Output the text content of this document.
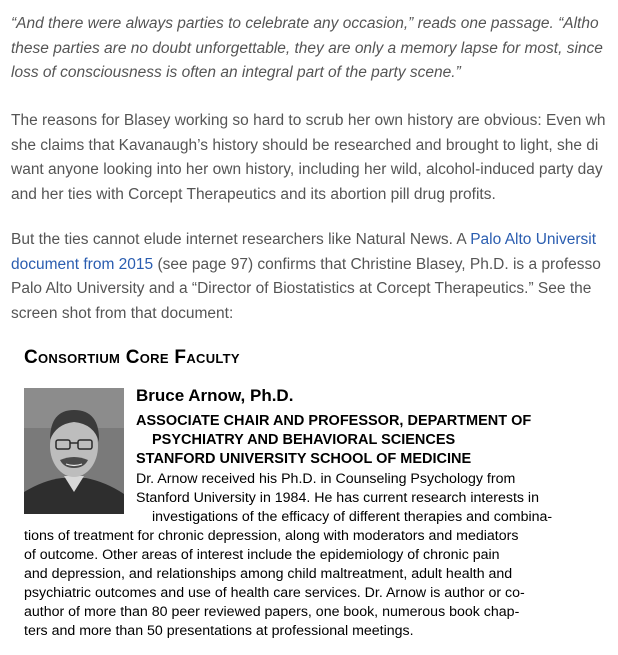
“And there were always parties to celebrate any occasion,” reads one passage. “Altho
these parties are no doubt unforgettable, they are only a memory lapse for most, since
loss of consciousness is often an integral part of the party scene.”
The reasons for Blasey working so hard to scrub her own history are obvious: Even wh
she claims that Kavanaugh’s history should be researched and brought to light, she di
want anyone looking into her own history, including her wild, alcohol-induced party day
and her ties with Corcept Therapeutics and its abortion pill drug profits.
But the ties cannot elude internet researchers like Natural News. A Palo Alto Universit
document from 2015 (see page 97) confirms that Christine Blasey, Ph.D. is a professo
Palo Alto University and a “Director of Biostatistics at Corcept Therapeutics.” See the
screen shot from that document:
Consortium Core Faculty
Bruce Arnow, Ph.D.
ASSOCIATE CHAIR AND PROFESSOR, DEPARTMENT OF
PSYCHIATRY AND BEHAVIORAL SCIENCES
STANFORD UNIVERSITY SCHOOL OF MEDICINE
Dr. Arnow received his Ph.D. in Counseling Psychology from
Stanford University in 1984. He has current research interests in
investigations of the efficacy of different therapies and combina-
tions of treatment for chronic depression, along with moderators and mediators
of outcome. Other areas of interest include the epidemiology of chronic pain
and depression, and relationships among child maltreatment, adult health and
psychiatric outcomes and use of health care services. Dr. Arnow is author or co-
author of more than 80 peer reviewed papers, one book, numerous book chap-
ters and more than 50 presentations at professional meetings.
